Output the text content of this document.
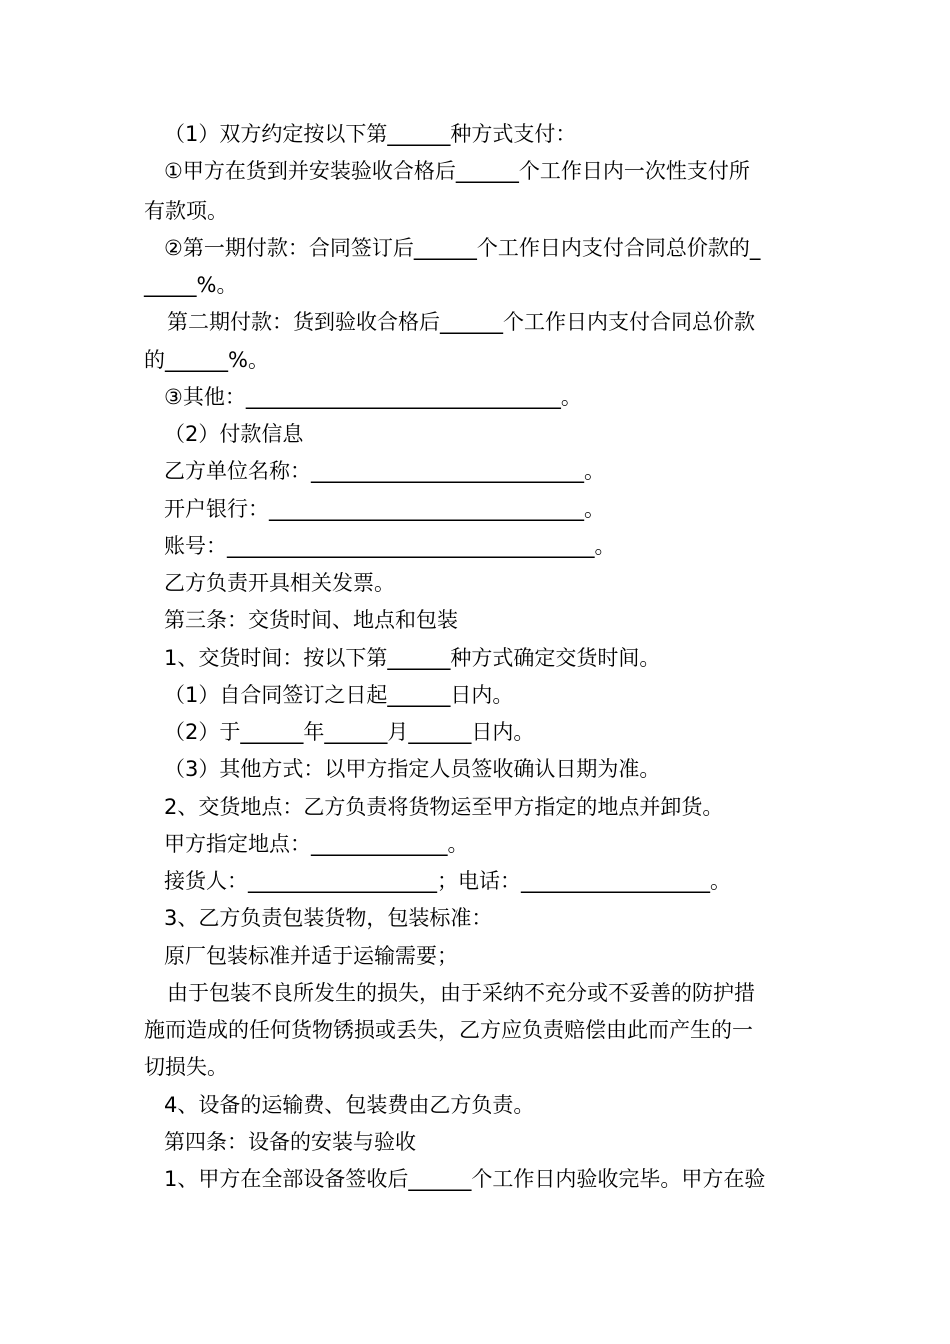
（1）双方约定按以下第______种方式支付：
①甲方在货到并安装验收合格后______个工作日内一次性支付所
有款项。
②第一期付款：合同签订后______个工作日内支付合同总价款的_
_____%。
第二期付款：货到验收合格后______个工作日内支付合同总价款
的______%。
③其他：______________________________。
（2）付款信息
乙方单位名称：__________________________。
开户银行：______________________________。
账号：___________________________________。
乙方负责开具相关发票。
第三条：交货时间、地点和包装
1、交货时间：按以下第______种方式确定交货时间。
（1）自合同签订之日起______日内。
（2）于______年______月______日内。
（3）其他方式：以甲方指定人员签收确认日期为准。
2、交货地点：乙方负责将货物运至甲方指定的地点并卸货。
甲方指定地点：_____________。
接货人：__________________；电话：__________________。
3、乙方负责包装货物，包装标准：
原厂包装标准并适于运输需要；
由于包装不良所发生的损失，由于采纳不充分或不妥善的防护措
施而造成的任何货物锈损或丢失，乙方应负责赔偿由此而产生的一
切损失。
4、设备的运输费、包装费由乙方负责。
第四条：设备的安装与验收
1、甲方在全部设备签收后______个工作日内验收完毕。甲方在验
